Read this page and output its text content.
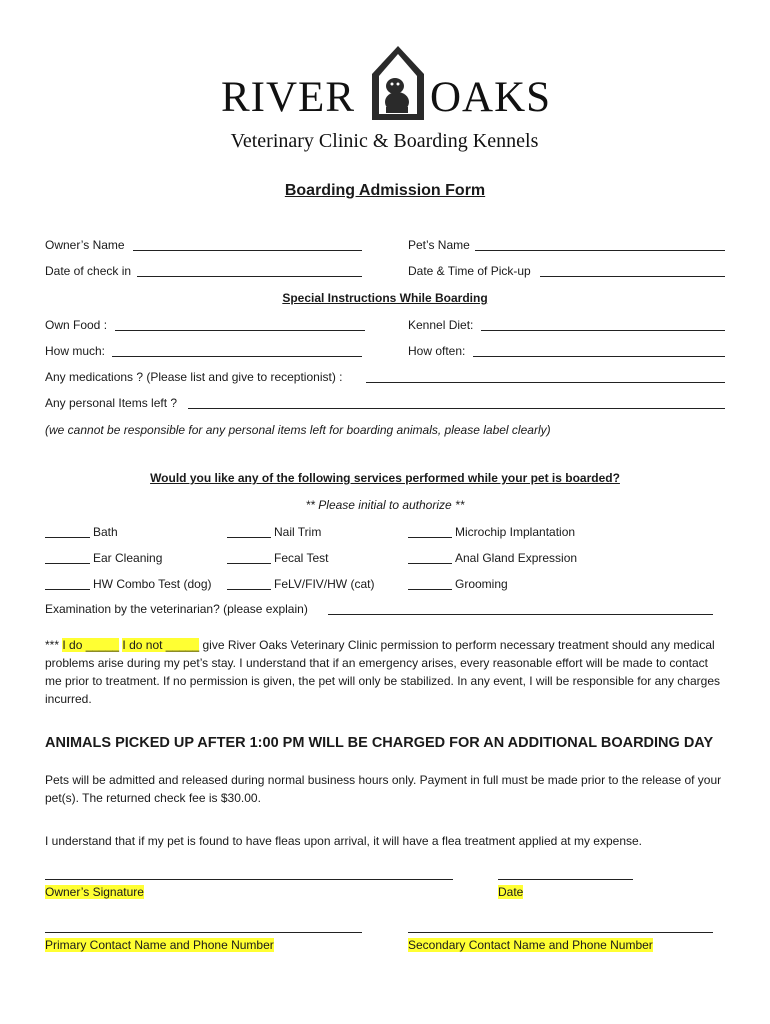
RIVER OAKS
Veterinary Clinic & Boarding Kennels
Boarding Admission Form
Owner’s Name	Pet’s Name
Date of check in	Date & Time of Pick-up
Special Instructions While Boarding
Own Food :	Kennel Diet:
How much:	How often:
Any medications ? (Please list and give to receptionist) :
Any personal Items left ?
(we cannot be responsible for any personal items left for boarding animals, please label clearly)
Would you like any of the following services performed while your pet is boarded?
** Please initial to authorize **
Bath	Nail Trim	Microchip Implantation
Ear Cleaning	Fecal Test	Anal Gland Expression
HW Combo Test (dog)	FeLV/FIV/HW (cat)	Grooming
Examination by the veterinarian? (please explain)
*** I do _____ I do not _____ give River Oaks Veterinary Clinic permission to perform necessary treatment should any medical problems arise during my pet’s stay. I understand that if an emergency arises, every reasonable effort will be made to contact me prior to treatment. If no permission is given, the pet will only be stabilized. In any event, I will be responsible for any charges incurred.
ANIMALS PICKED UP AFTER 1:00 PM WILL BE CHARGED FOR AN ADDITIONAL BOARDING DAY
Pets will be admitted and released during normal business hours only. Payment in full must be made prior to the release of your pet(s). The returned check fee is $30.00.
I understand that if my pet is found to have fleas upon arrival, it will have a flea treatment applied at my expense.
Owner’s Signature	Date
Primary Contact Name and Phone Number	Secondary Contact Name and Phone Number
